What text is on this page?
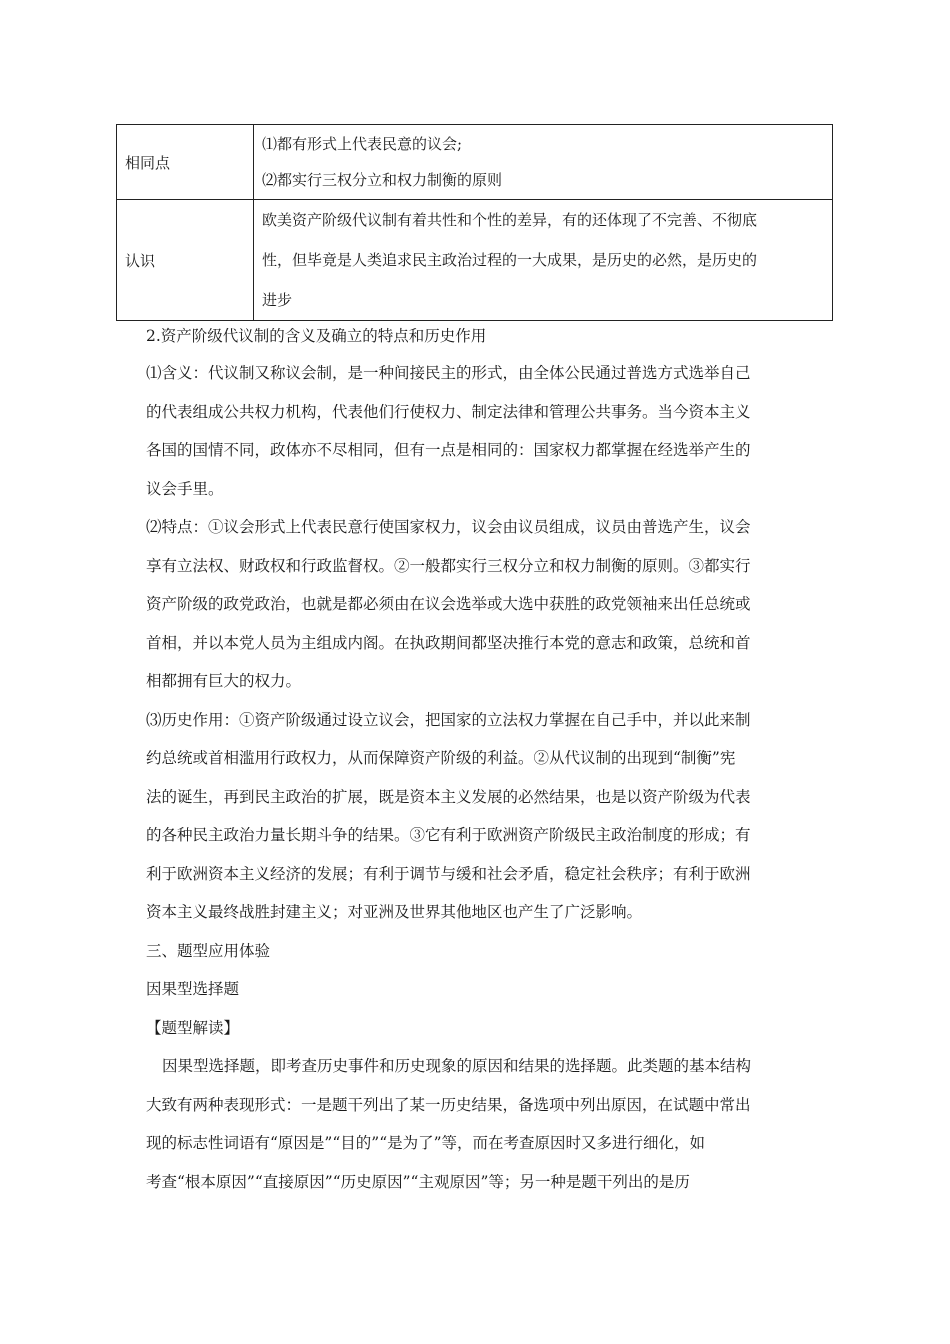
相同点	⑴都有形式上代表民意的议会;
⑵都实行三权分立和权力制衡的原则

认识	欧美资产阶级代议制有着共性和个性的差异，有的还体现了不完善、不彻底
性，但毕竟是人类追求民主政治过程的一大成果，是历史的必然，是历史的
进步

2.资产阶级代议制的含义及确立的特点和历史作用

⑴含义：代议制又称议会制，是一种间接民主的形式，由全体公民通过普选方式选举自己

的代表组成公共权力机构，代表他们行使权力、制定法律和管理公共事务。当今资本主义

各国的国情不同，政体亦不尽相同，但有一点是相同的：国家权力都掌握在经选举产生的

议会手里。

⑵特点：①议会形式上代表民意行使国家权力，议会由议员组成，议员由普选产生，议会

享有立法权、财政权和行政监督权。②一般都实行三权分立和权力制衡的原则。③都实行

资产阶级的政党政治，也就是都必须由在议会选举或大选中获胜的政党领袖来出任总统或

首相，并以本党人员为主组成内阁。在执政期间都坚决推行本党的意志和政策，总统和首

相都拥有巨大的权力。

⑶历史作用：①资产阶级通过设立议会，把国家的立法权力掌握在自己手中，并以此来制

约总统或首相滥用行政权力，从而保障资产阶级的利益。②从代议制的出现到“制衡”宪

法的诞生，再到民主政治的扩展，既是资本主义发展的必然结果，也是以资产阶级为代表

的各种民主政治力量长期斗争的结果。③它有利于欧洲资产阶级民主政治制度的形成；有

利于欧洲资本主义经济的发展；有利于调节与缓和社会矛盾，稳定社会秩序；有利于欧洲

资本主义最终战胜封建主义；对亚洲及世界其他地区也产生了广泛影响。

三、题型应用体验

因果型选择题

【题型解读】

因果型选择题，即考查历史事件和历史现象的原因和结果的选择题。此类题的基本结构

大致有两种表现形式：一是题干列出了某一历史结果，备选项中列出原因，在试题中常出

现的标志性词语有“原因是”“目的”“是为了”等，而在考查原因时又多进行细化，如

考查“根本原因”“直接原因”“历史原因”“主观原因”等；另一种是题干列出的是历
